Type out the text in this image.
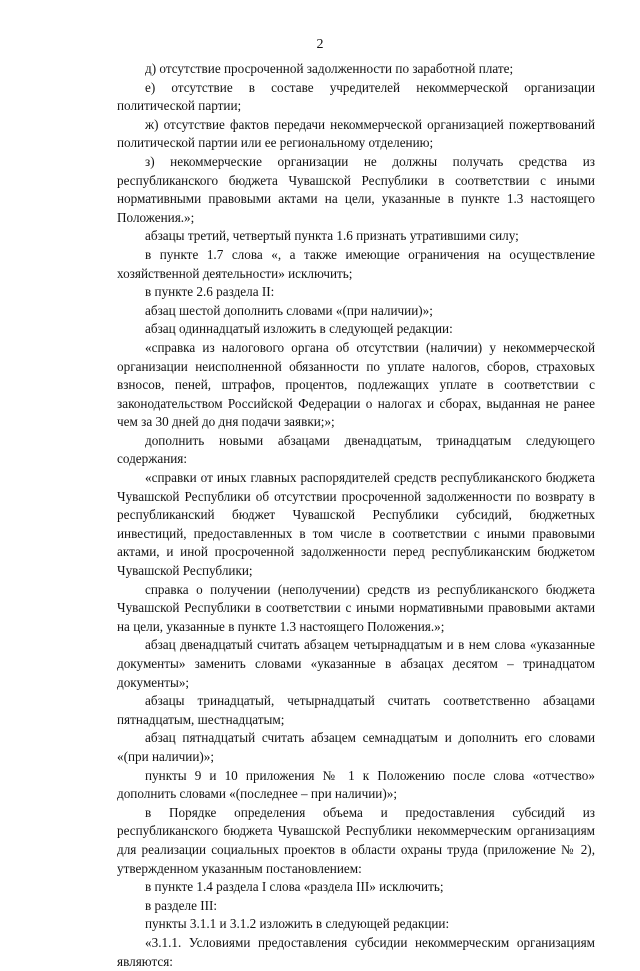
2

д) отсутствие просроченной задолженности по заработной плате;

е) отсутствие в составе учредителей некоммерческой организации политической партии;

ж) отсутствие фактов передачи некоммерческой организацией пожертвований политической партии или ее региональному отделению;

з) некоммерческие организации не должны получать средства из республиканского бюджета Чувашской Республики в соответствии с иными нормативными правовыми актами на цели, указанные в пункте 1.3 настоящего Положения.»;

абзацы третий, четвертый пункта 1.6 признать утратившими силу;

в пункте 1.7 слова «, а также имеющие ограничения на осуществление хозяйственной деятельности» исключить;

в пункте 2.6 раздела II:

абзац шестой дополнить словами «(при наличии)»;

абзац одиннадцатый изложить в следующей редакции:

«справка из налогового органа об отсутствии (наличии) у некоммерческой организации неисполненной обязанности по уплате налогов, сборов, страховых взносов, пеней, штрафов, процентов, подлежащих уплате в соответствии с законодательством Российской Федерации о налогах и сборах, выданная не ранее чем за 30 дней до дня подачи заявки;»;

дополнить новыми абзацами двенадцатым, тринадцатым следующего содержания:

«справки от иных главных распорядителей средств республиканского бюджета Чувашской Республики об отсутствии просроченной задолженности по возврату в республиканский бюджет Чувашской Республики субсидий, бюджетных инвестиций, предоставленных в том числе в соответствии с иными правовыми актами, и иной просроченной задолженности перед республиканским бюджетом Чувашской Республики;

справка о получении (неполучении) средств из республиканского бюджета Чувашской Республики в соответствии с иными нормативными правовыми актами на цели, указанные в пункте 1.3 настоящего Положения.»;

абзац двенадцатый считать абзацем четырнадцатым и в нем слова «указанные документы» заменить словами «указанные в абзацах десятом – тринадцатом документы»;

абзацы тринадцатый, четырнадцатый считать соответственно абзацами пятнадцатым, шестнадцатым;

абзац пятнадцатый считать абзацем семнадцатым и дополнить его словами «(при наличии)»;

пункты 9 и 10 приложения № 1 к Положению после слова «отчество» дополнить словами «(последнее – при наличии)»;

в Порядке определения объема и предоставления субсидий из республиканского бюджета Чувашской Республики некоммерческим организациям для реализации социальных проектов в области охраны труда (приложение № 2), утвержденном указанным постановлением:

в пункте 1.4 раздела I слова «раздела III» исключить;

в разделе III:

пункты 3.1.1 и 3.1.2 изложить в следующей редакции:

«3.1.1. Условиями предоставления субсидии некоммерческим организациям являются:
